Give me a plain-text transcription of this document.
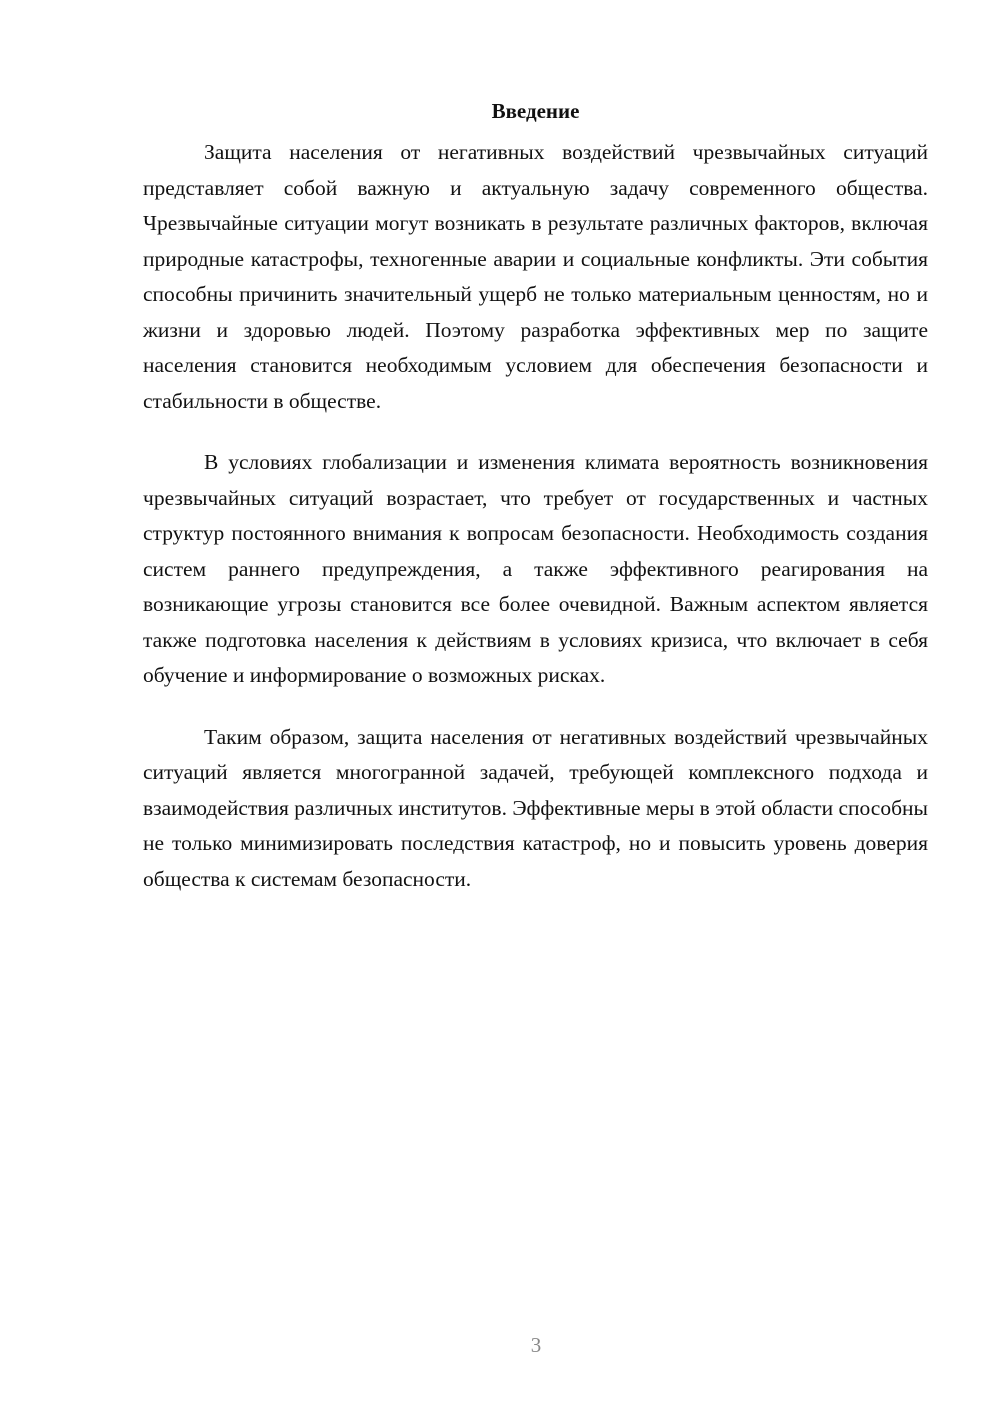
Введение

Защита населения от негативных воздействий чрезвычайных ситуаций представляет собой важную и актуальную задачу современного общества. Чрезвычайные ситуации могут возникать в результате различных факторов, включая природные катастрофы, техногенные аварии и социальные конфликты. Эти события способны причинить значительный ущерб не только материальным ценностям, но и жизни и здоровью людей. Поэтому разработка эффективных мер по защите населения становится необходимым условием для обеспечения безопасности и стабильности в обществе.

В условиях глобализации и изменения климата вероятность возникновения чрезвычайных ситуаций возрастает, что требует от государственных и частных структур постоянного внимания к вопросам безопасности. Необходимость создания систем раннего предупреждения, а также эффективного реагирования на возникающие угрозы становится все более очевидной. Важным аспектом является также подготовка населения к действиям в условиях кризиса, что включает в себя обучение и информирование о возможных рисках.

Таким образом, защита населения от негативных воздействий чрезвычайных ситуаций является многогранной задачей, требующей комплексного подхода и взаимодействия различных институтов. Эффективные меры в этой области способны не только минимизировать последствия катастроф, но и повысить уровень доверия общества к системам безопасности.

3
